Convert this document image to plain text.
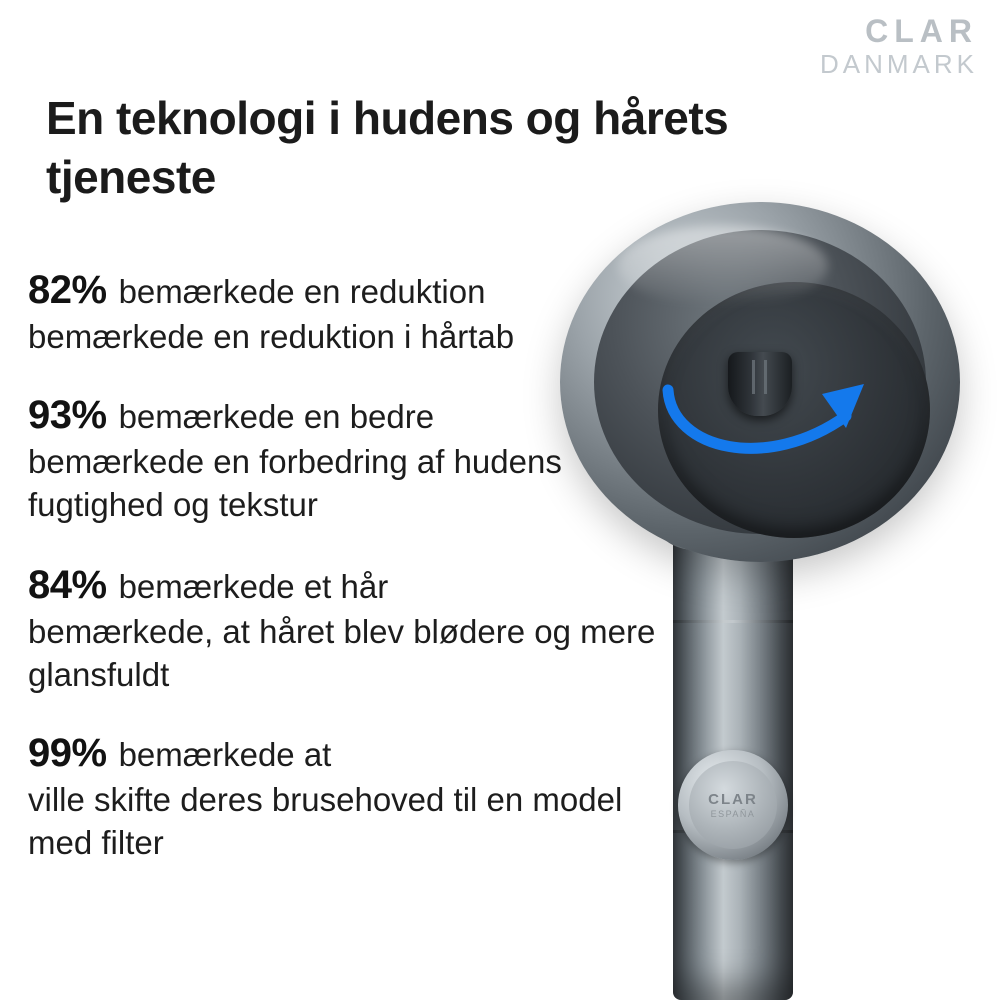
CLAR
DANMARK
En teknologi i hudens og hårets tjeneste
82% bemærkede en reduktion
bemærkede en reduktion i hårtab
93% bemærkede en bedre
bemærkede en forbedring af hudens fugtighed og tekstur
84% bemærkede et hår
bemærkede, at håret blev blødere og mere glansfuldt
99% bemærkede at
ville skifte deres brusehoved til en model med filter
CLAR
ESPAÑA
